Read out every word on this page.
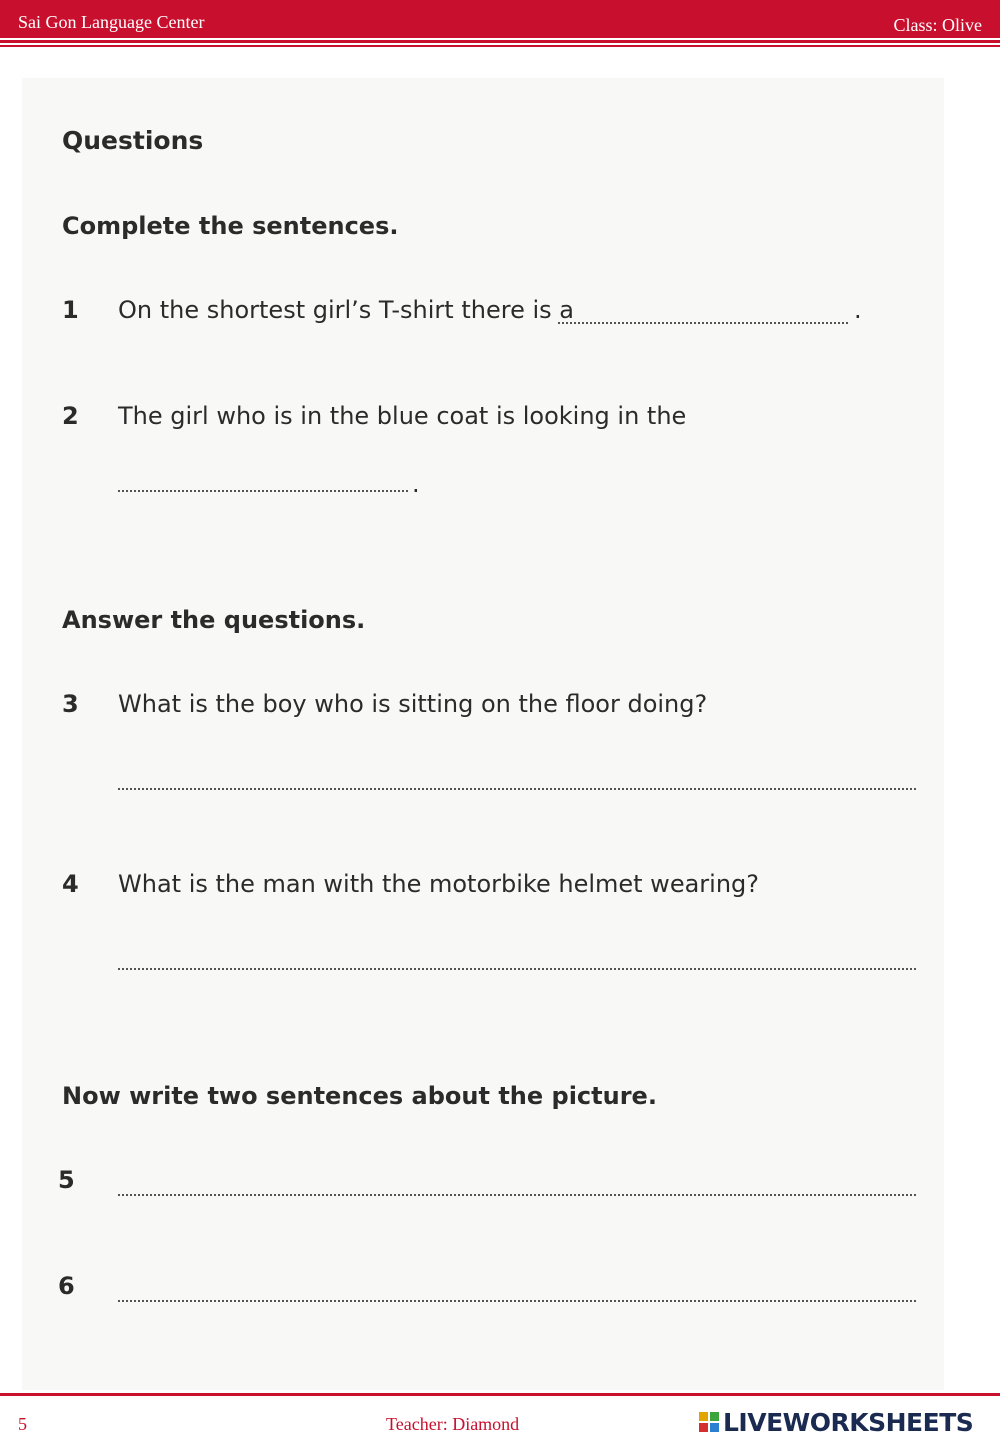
Sai Gon Language Center	Class: Olive
Questions
Complete the sentences.
1 On the shortest girl’s T-shirt there is a	.
2 The girl who is in the blue coat is looking in the
.
Answer the questions.
3 What is the boy who is sitting on the floor doing?
4 What is the man with the motorbike helmet wearing?
Now write two sentences about the picture.
5
6
5	Teacher: Diamond	LIVEWORKSHEETS
